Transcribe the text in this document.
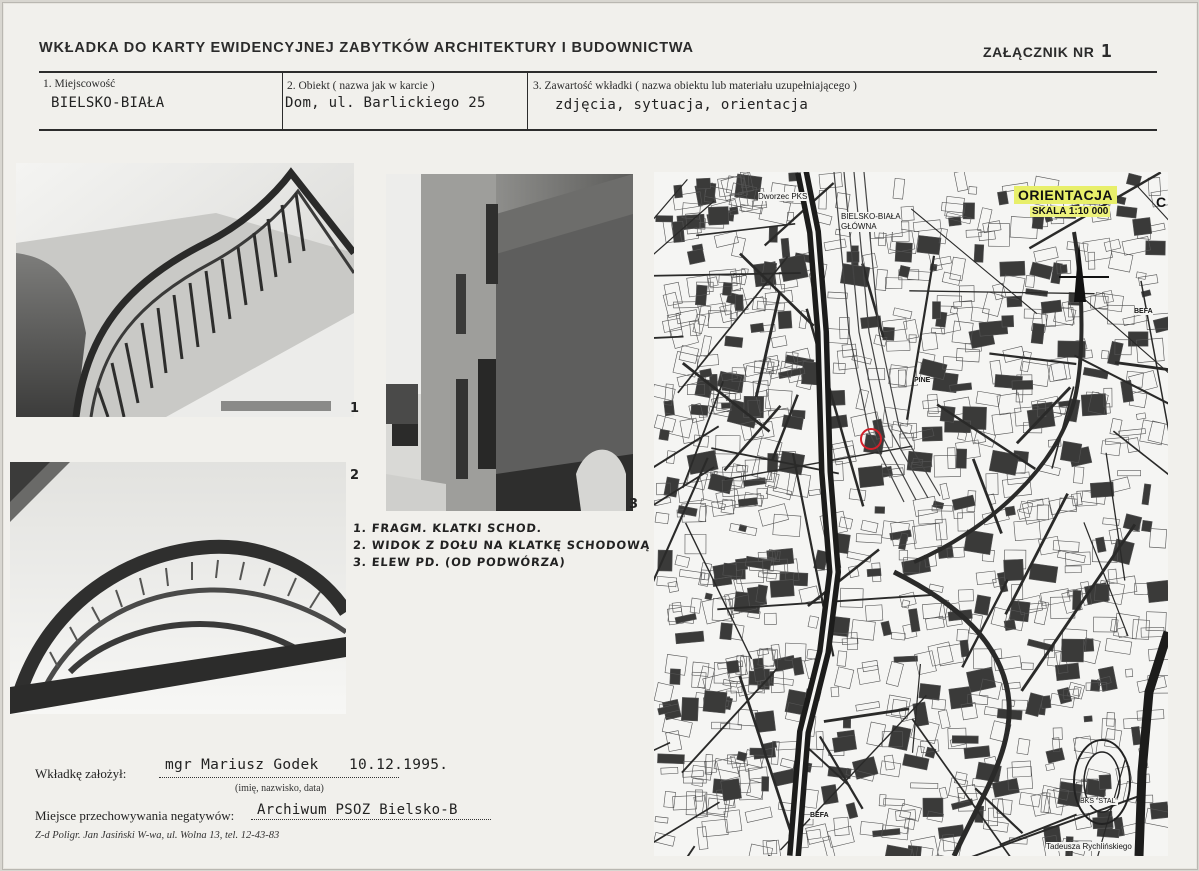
WKŁADKA DO KARTY EWIDENCYJNEJ ZABYTKÓW ARCHITEKTURY I BUDOWNICTWA	ZAŁĄCZNIK NR 1
1. Miejscowość
BIELSKO-BIAŁA
2. Obiekt ( nazwa jak w karcie )
Dom, ul. Barlickiego 25
3. Zawartość wkładki ( nazwa obiektu lub materiału uzupełniającego )
zdjęcia, sytuacja, orientacja
1
2
3
1. FRAGM. KLATKI SCHOD.
2. WIDOK Z DOŁU NA KLATKĘ SCHODOWĄ
3. ELEW PD. (OD PODWÓRZA)
ORIENTACJA
SKALA 1:10 000
C
BIELSKO-BIAŁA GŁÓWNA
Dworzec PKS
BEFA
BEFA
BKS "STAL"
Tadeusza Rychlińskiego
PINE
Wkładkę założył:
mgr Mariusz Godek 10.12.1995.
(imię, nazwisko, data)
Miejsce przechowywania negatywów: Archiwum PSOZ Bielsko-B
Z-d Poligr. Jan Jasiński W-wa, ul. Wolna 13, tel. 12-43-83
